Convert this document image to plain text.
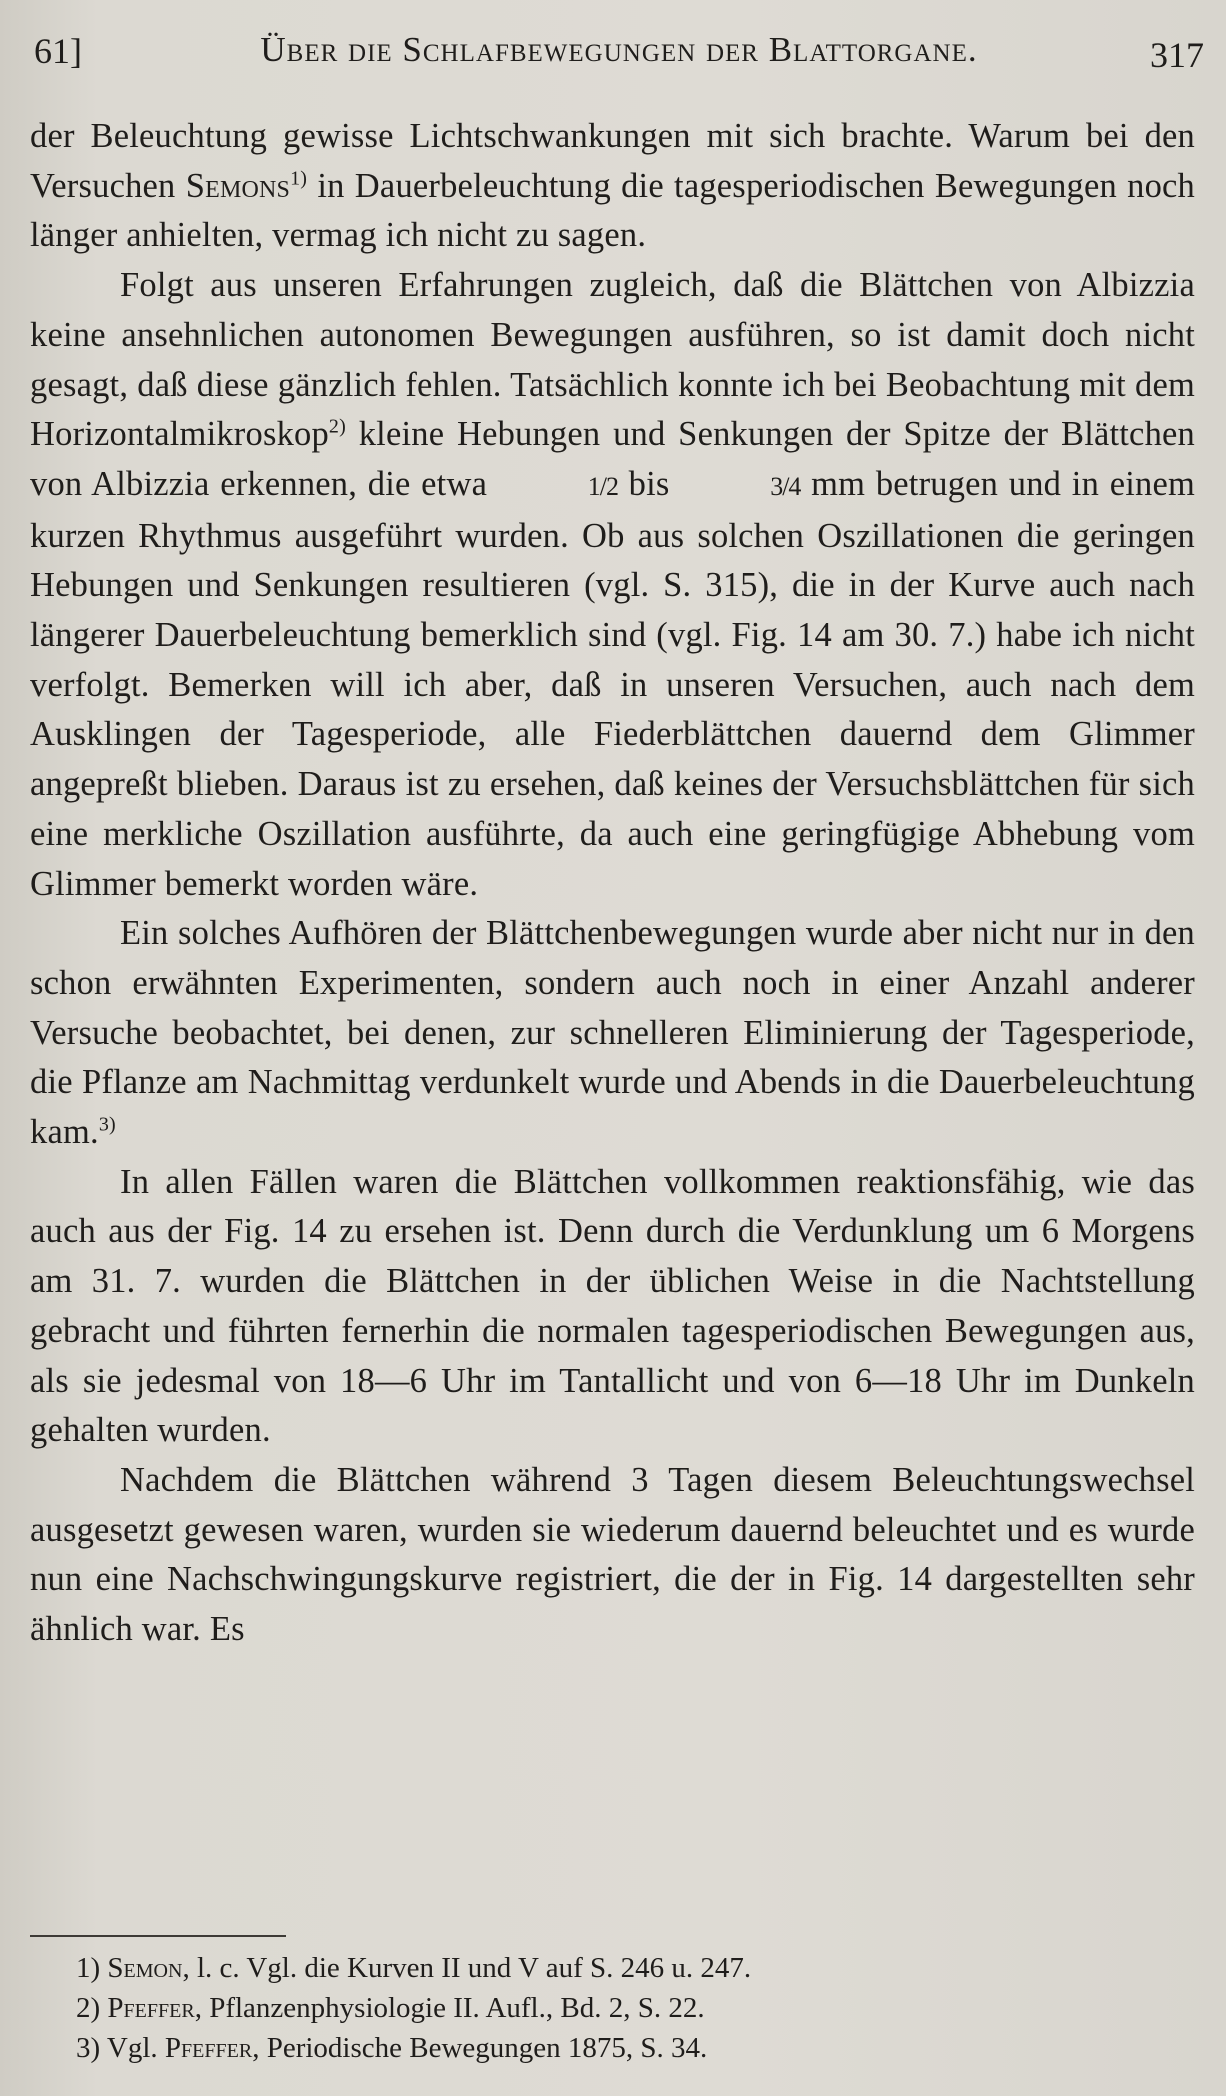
61]	Über die Schlafbewegungen der Blattorgane.	317

der Beleuchtung gewisse Lichtschwankungen mit sich brachte. Warum bei den Versuchen Semons$^{1)}$ in Dauerbeleuchtung die tagesperiodischen Bewegungen noch länger anhielten, vermag ich nicht zu sagen.

Folgt aus unseren Erfahrungen zugleich, daß die Blättchen von Albizzia keine ansehnlichen autonomen Bewegungen ausführen, so ist damit doch nicht gesagt, daß diese gänzlich fehlen. Tatsächlich konnte ich bei Beobachtung mit dem Horizontalmikroskop$^{2)}$ kleine Hebungen und Senkungen der Spitze der Blättchen von Albizzia erkennen, die etwa	1/2 bis	3/4 mm betrugen und in einem kurzen Rhythmus ausgeführt wurden. Ob aus solchen Oszillationen die geringen Hebungen und Senkungen resultieren (vgl. S. 315), die in der Kurve auch nach längerer Dauerbeleuchtung bemerklich sind (vgl. Fig. 14 am 30. 7.) habe ich nicht verfolgt. Bemerken will ich aber, daß in unseren Versuchen, auch nach dem Ausklingen der Tagesperiode, alle Fiederblättchen dauernd dem Glimmer angepreßt blieben. Daraus ist zu ersehen, daß keines der Versuchsblättchen für sich eine merkliche Oszillation ausführte, da auch eine geringfügige Abhebung vom Glimmer bemerkt worden wäre.

Ein solches Aufhören der Blättchenbewegungen wurde aber nicht nur in den schon erwähnten Experimenten, sondern auch noch in einer Anzahl anderer Versuche beobachtet, bei denen, zur schnelleren Eliminierung der Tagesperiode, die Pflanze am Nachmittag verdunkelt wurde und Abends in die Dauerbeleuchtung kam.$^{3)}$

In allen Fällen waren die Blättchen vollkommen reaktionsfähig, wie das auch aus der Fig. 14 zu ersehen ist. Denn durch die Verdunklung um 6 Morgens am 31. 7. wurden die Blättchen in der üblichen Weise in die Nachtstellung gebracht und führten fernerhin die normalen tagesperiodischen Bewegungen aus, als sie jedesmal von 18—6 Uhr im Tantallicht und von 6—18 Uhr im Dunkeln gehalten wurden.

Nachdem die Blättchen während 3 Tagen diesem Beleuchtungswechsel ausgesetzt gewesen waren, wurden sie wiederum dauernd beleuchtet und es wurde nun eine Nachschwingungskurve registriert, die der in Fig. 14 dargestellten sehr ähnlich war. Es

1) Semon, l. c. Vgl. die Kurven II und V auf S. 246 u. 247.
2) Pfeffer, Pflanzenphysiologie II. Aufl., Bd. 2, S. 22.
3) Vgl. Pfeffer, Periodische Bewegungen 1875, S. 34.
